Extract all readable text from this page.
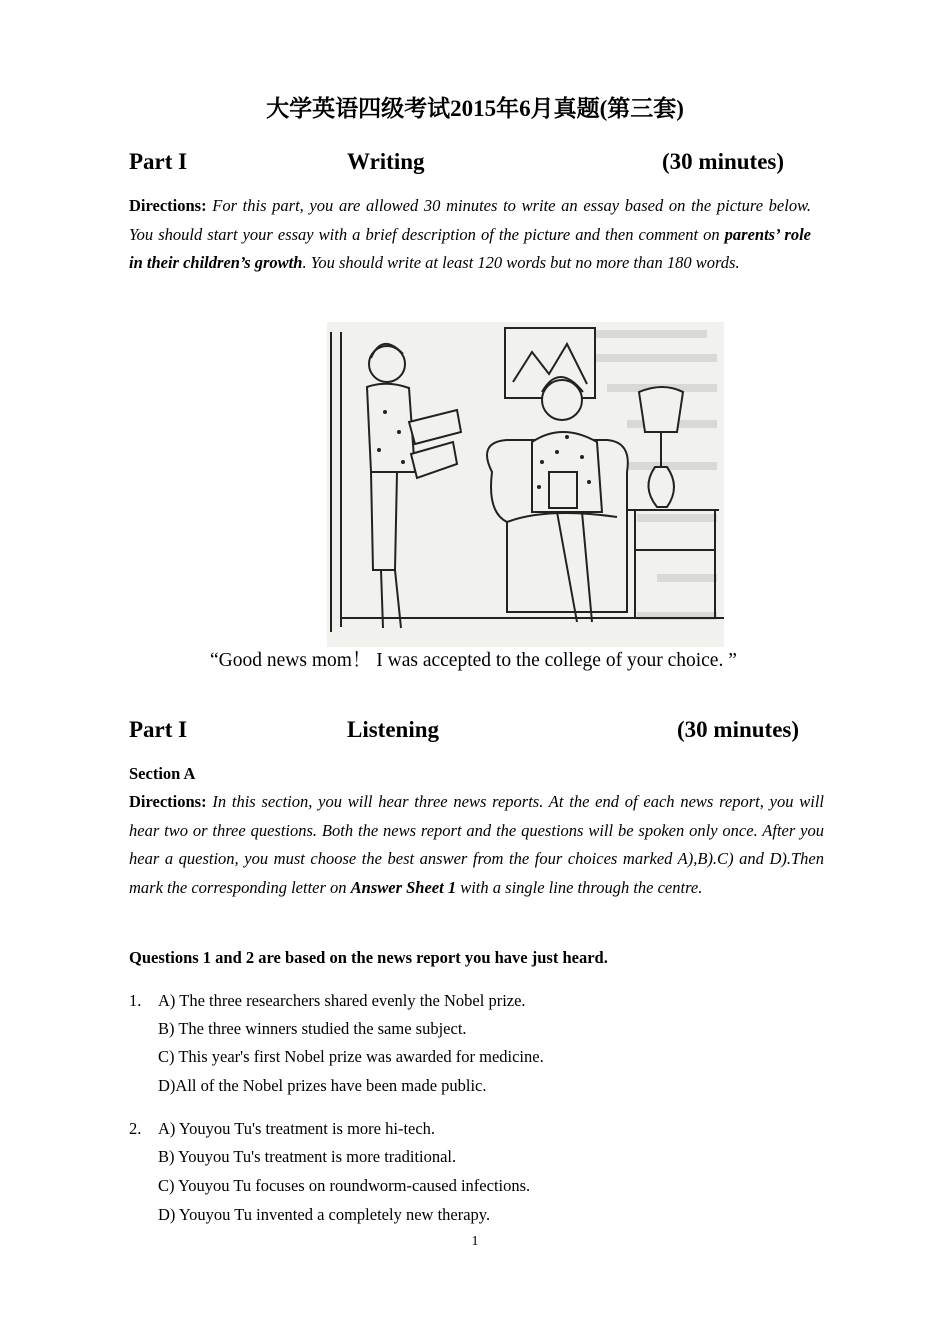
大学英语四级考试2015年6月真题(第三套)
Part I	Writing	(30 minutes)
Directions: For this part, you are allowed 30 minutes to write an essay based on the picture below. You should start your essay with a brief description of the picture and then comment on parents’ role in their children’s growth. You should write at least 120 words but no more than 180 words.
“Good news mom！ I was accepted to the college of your choice. ”
Part I	Listening	(30 minutes)
Section A
Directions: In this section, you will hear three news reports. At the end of each news report, you will hear two or three questions. Both the news report and the questions will be spoken only once. After you hear a question, you must choose the best answer from the four choices marked A),B).C) and D).Then mark the corresponding letter on Answer Sheet 1 with a single line through the centre.
Questions 1 and 2 are based on the news report you have just heard.
1. A) The three researchers shared evenly the Nobel prize.
B) The three winners studied the same subject.
C) This year's first Nobel prize was awarded for medicine.
D)All of the Nobel prizes have been made public.
2. A) Youyou Tu's treatment is more hi-tech.
B) Youyou Tu's treatment is more traditional.
C) Youyou Tu focuses on roundworm-caused infections.
D) Youyou Tu invented a completely new therapy.
1
